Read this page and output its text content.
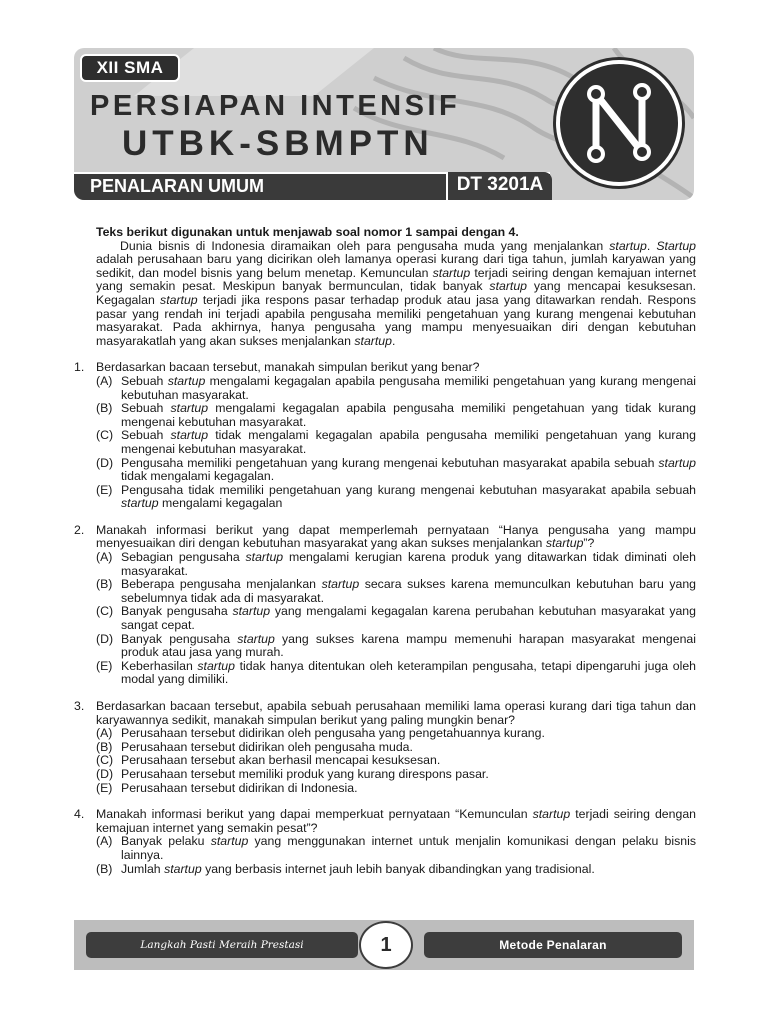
XII SMA
PERSIAPAN INTENSIF
UTBK-SBMPTN
PENALARAN UMUM	DT 3201A
Teks berikut digunakan untuk menjawab soal nomor 1 sampai dengan 4.

Dunia bisnis di Indonesia diramaikan oleh para pengusaha muda yang menjalankan startup. Startup adalah perusahaan baru yang dicirikan oleh lamanya operasi kurang dari tiga tahun, jumlah karyawan yang sedikit, dan model bisnis yang belum menetap. Kemunculan startup terjadi seiring dengan kemajuan internet yang semakin pesat. Meskipun banyak bermunculan, tidak banyak startup yang mencapai kesuksesan. Kegagalan startup terjadi jika respons pasar terhadap produk atau jasa yang ditawarkan rendah. Respons pasar yang rendah ini terjadi apabila pengusaha memiliki pengetahuan yang kurang mengenai kebutuhan masyarakat. Pada akhirnya, hanya pengusaha yang mampu menyesuaikan diri dengan kebutuhan masyarakatlah yang akan sukses menjalankan startup.

1. Berdasarkan bacaan tersebut, manakah simpulan berikut yang benar?
(A) Sebuah startup mengalami kegagalan apabila pengusaha memiliki pengetahuan yang kurang mengenai kebutuhan masyarakat.
(B) Sebuah startup mengalami kegagalan apabila pengusaha memiliki pengetahuan yang tidak kurang mengenai kebutuhan masyarakat.
(C) Sebuah startup tidak mengalami kegagalan apabila pengusaha memiliki pengetahuan yang kurang mengenai kebutuhan masyarakat.
(D) Pengusaha memiliki pengetahuan yang kurang mengenai kebutuhan masyarakat apabila sebuah startup tidak mengalami kegagalan.
(E) Pengusaha tidak memiliki pengetahuan yang kurang mengenai kebutuhan masyarakat apabila sebuah startup mengalami kegagalan
2. Manakah informasi berikut yang dapat memperlemah pernyataan “Hanya pengusaha yang mampu menyesuaikan diri dengan kebutuhan masyarakat yang akan sukses menjalankan startup”?
(A) Sebagian pengusaha startup mengalami kerugian karena produk yang ditawarkan tidak diminati oleh masyarakat.
(B) Beberapa pengusaha menjalankan startup secara sukses karena memunculkan kebutuhan baru yang sebelumnya tidak ada di masyarakat.
(C) Banyak pengusaha startup yang mengalami kegagalan karena perubahan kebutuhan masyarakat yang sangat cepat.
(D) Banyak pengusaha startup yang sukses karena mampu memenuhi harapan masyarakat mengenai produk atau jasa yang murah.
(E) Keberhasilan startup tidak hanya ditentukan oleh keterampilan pengusaha, tetapi dipengaruhi juga oleh modal yang dimiliki.
3. Berdasarkan bacaan tersebut, apabila sebuah perusahaan memiliki lama operasi kurang dari tiga tahun dan karyawannya sedikit, manakah simpulan berikut yang paling mungkin benar?
(A) Perusahaan tersebut didirikan oleh pengusaha yang pengetahuannya kurang.
(B) Perusahaan tersebut didirikan oleh pengusaha muda.
(C) Perusahaan tersebut akan berhasil mencapai kesuksesan.
(D) Perusahaan tersebut memiliki produk yang kurang direspons pasar.
(E) Perusahaan tersebut didirikan di Indonesia.
4. Manakah informasi berikut yang dapai memperkuat pernyataan “Kemunculan startup terjadi seiring dengan kemajuan internet yang semakin pesat”?
(A) Banyak pelaku startup yang menggunakan internet untuk menjalin komunikasi dengan pelaku bisnis lainnya.
(B) Jumlah startup yang berbasis internet jauh lebih banyak dibandingkan yang tradisional.
Langkah Pasti Meraih Prestasi	1	Metode Penalaran
